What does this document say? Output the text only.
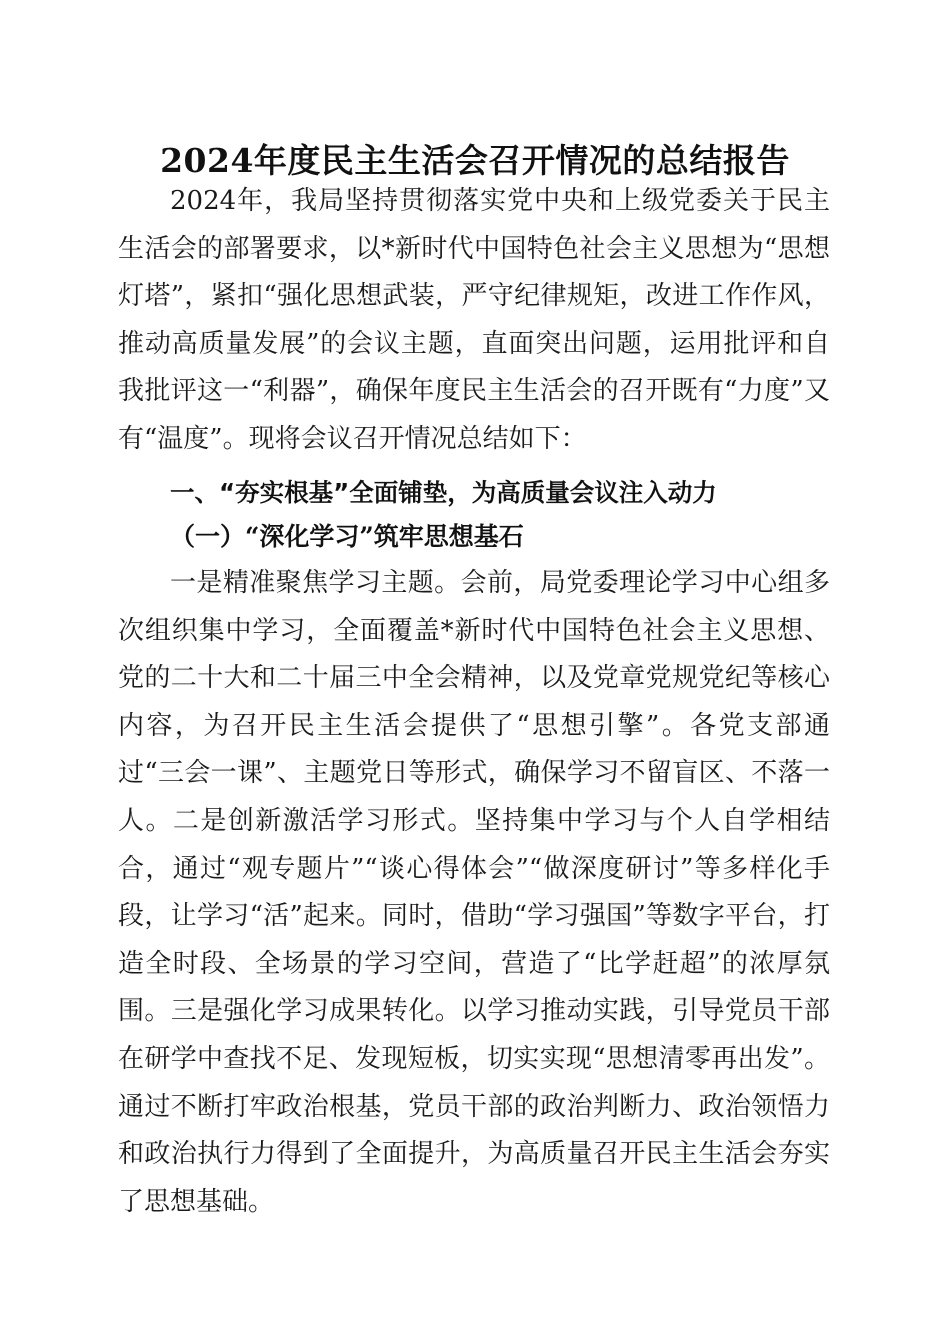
2024年度民主生活会召开情况的总结报告

2024年，我局坚持贯彻落实党中央和上级党委关于民主生活会的部署要求，以*新时代中国特色社会主义思想为“思想灯塔”，紧扣“强化思想武装，严守纪律规矩，改进工作作风，推动高质量发展”的会议主题，直面突出问题，运用批评和自我批评这一“利器”，确保年度民主生活会的召开既有“力度”又有“温度”。现将会议召开情况总结如下：

一、“夯实根基”全面铺垫，为高质量会议注入动力
（一）“深化学习”筑牢思想基石

一是精准聚焦学习主题。会前，局党委理论学习中心组多次组织集中学习，全面覆盖*新时代中国特色社会主义思想、党的二十大和二十届三中全会精神，以及党章党规党纪等核心内容，为召开民主生活会提供了“思想引擎”。各党支部通过“三会一课”、主题党日等形式，确保学习不留盲区、不落一人。二是创新激活学习形式。坚持集中学习与个人自学相结合，通过“观专题片”“谈心得体会”“做深度研讨”等多样化手段，让学习“活”起来。同时，借助“学习强国”等数字平台，打造全时段、全场景的学习空间，营造了“比学赶超”的浓厚氛围。三是强化学习成果转化。以学习推动实践，引导党员干部在研学中查找不足、发现短板，切实实现“思想清零再出发”。通过不断打牢政治根基，党员干部的政治判断力、政治领悟力和政治执行力得到了全面提升，为高质量召开民主生活会夯实了思想基础。
